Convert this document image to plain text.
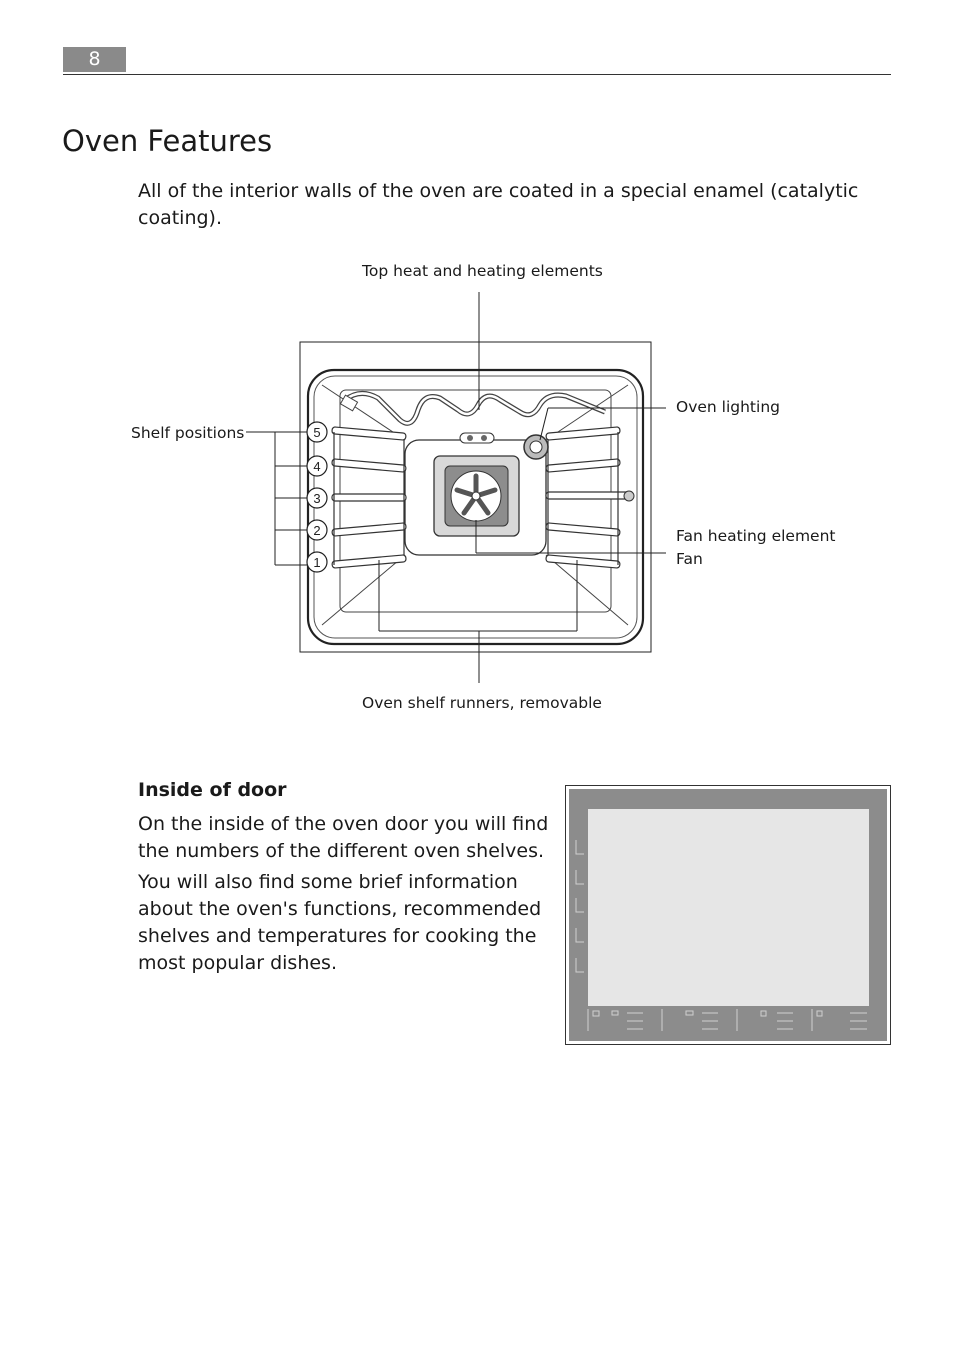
8
Oven Features

All of the interior walls of the oven are coated in a special enamel (catalytic coating).

5
4
3
2
1
Top heat and heating elements
Oven lighting
Shelf positions
Fan heating element
Fan
Oven shelf runners, removable
Inside of door

On the inside of the oven door you will find the numbers of the different oven shelves.

You will also find some brief information about the oven's functions, recommended shelves and temperatures for cooking the most popular dishes.
